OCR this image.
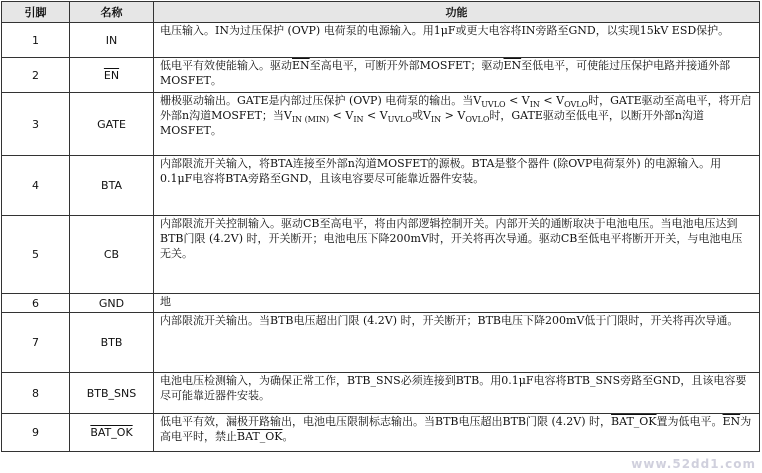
引脚	名称	功能
1	IN	电压输入。IN为过压保护 (OVP) 电荷泵的电源输入。用1μF或更大电容将IN旁路至GND，以实现15kV ESD保护。
2	$\overline{EN}$	低电平有效使能输入。驱动$\overline{EN}$至高电平，可断开外部MOSFET；驱动$\overline{EN}$至低电平，可使能过压保护电路并接通外部MOSFET。
3	GATE	栅极驱动输出。GATE是内部过压保护 (OVP) 电荷泵的输出。当$V_{UVLO} < V_{IN} < V_{OVLO}$时，GATE驱动至高电平，将开启外部n沟道MOSFET；当$V_{IN (MIN)} < V_{IN} < V_{UVLO}$或$V_{IN} > V_{OVLO}$时，GATE驱动至低电平，以断开外部n沟道MOSFET。
4	BTA	内部限流开关输入，将BTA连接至外部n沟道MOSFET的源极。BTA是整个器件 (除OVP电荷泵外) 的电源输入。用0.1μF电容将BTA旁路至GND，且该电容要尽可能靠近器件安装。
5	CB	内部限流开关控制输入。驱动CB至高电平，将由内部逻辑控制开关。内部开关的通断取决于电池电压。当电池电压达到BTB门限 (4.2V) 时，开关断开；电池电压下降200mV时，开关将再次导通。驱动CB至低电平将断开开关，与电池电压无关。
6	GND	地
7	BTB	内部限流开关输出。当BTB电压超出门限 (4.2V) 时，开关断开；BTB电压下降200mV低于门限时，开关将再次导通。
8	BTB_SNS	电池电压检测输入，为确保正常工作，BTB_SNS必须连接到BTB。用0.1μF电容将BTB_SNS旁路至GND，且该电容要尽可能靠近器件安装。
9	BAT_OK	低电平有效，漏极开路输出，电池电压限制标志输出。当BTB电压超出BTB门限 (4.2V) 时，BAT_OK置为低电平。$\overline{EN}$为高电平时，禁止BAT_OK。
www.52dd1.com
